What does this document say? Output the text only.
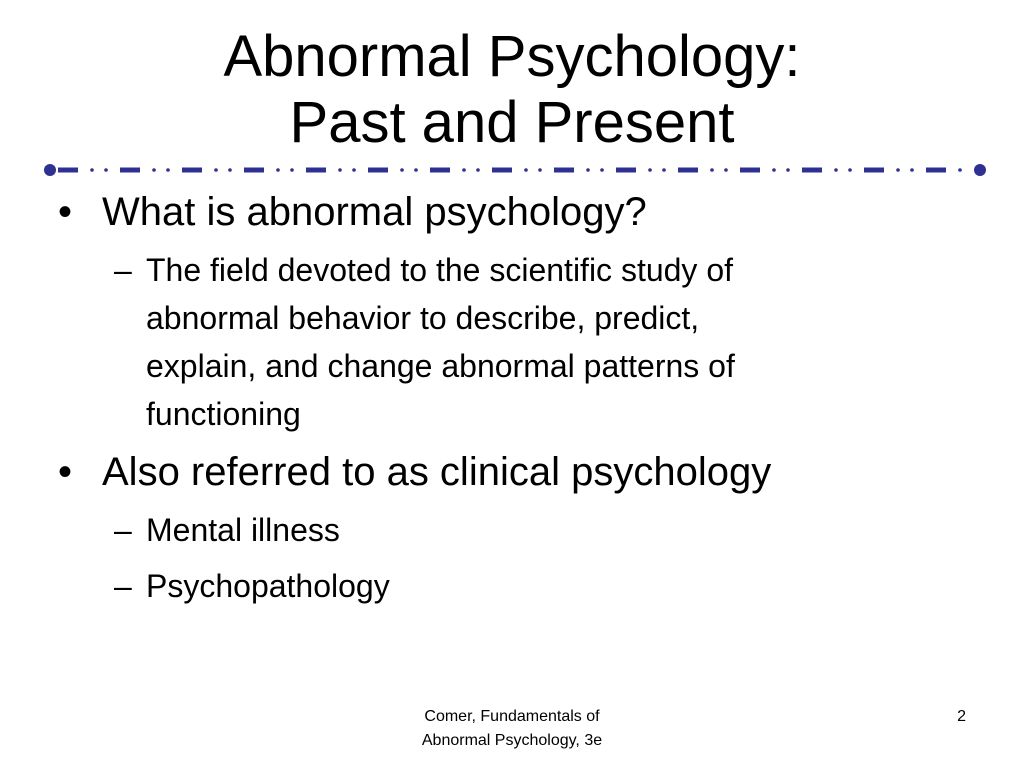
Abnormal Psychology:
Past and Present

• What is abnormal psychology?

– The field devoted to the scientific study of
abnormal behavior to describe, predict,
explain, and change abnormal patterns of
functioning

• Also referred to as clinical psychology

– Mental illness

– Psychopathology

Comer, Fundamentals of
Abnormal Psychology, 3e
2
